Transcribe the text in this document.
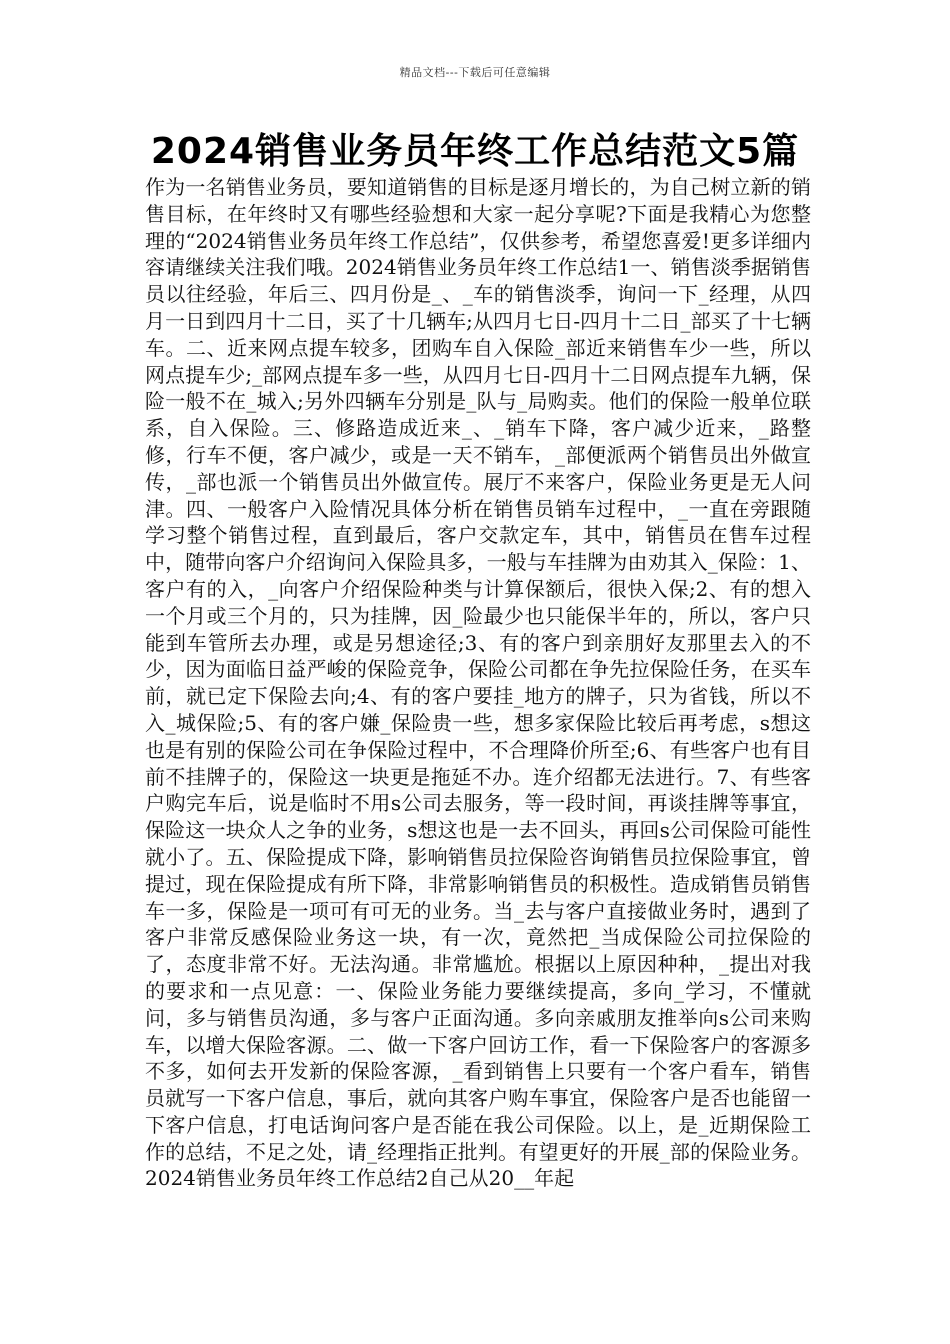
精品文档---下载后可任意编辑
2024销售业务员年终工作总结范文5篇

作为一名销售业务员，要知道销售的目标是逐月增长的，为自己树立新的销售目标，在年终时又有哪些经验想和大家一起分享呢?下面是我精心为您整理的“2024销售业务员年终工作总结”，仅供参考，希望您喜爱!更多详细内容请继续关注我们哦。2024销售业务员年终工作总结1一、销售淡季据销售员以往经验，年后三、四月份是_、_车的销售淡季，询问一下_经理，从四月一日到四月十二日，买了十几辆车;从四月七日-四月十二日_部买了十七辆车。二、近来网点提车较多，团购车自入保险_部近来销售车少一些，所以网点提车少;_部网点提车多一些，从四月七日-四月十二日网点提车九辆，保险一般不在_城入;另外四辆车分别是_队与_局购卖。他们的保险一般单位联系，自入保险。三、修路造成近来_、_销车下降，客户减少近来，_路整修，行车不便，客户减少，或是一天不销车，_部便派两个销售员出外做宣传，_部也派一个销售员出外做宣传。展厅不来客户，保险业务更是无人问津。四、一般客户入险情况具体分析在销售员销车过程中，_一直在旁跟随学习整个销售过程，直到最后，客户交款定车，其中，销售员在售车过程中，随带向客户介绍询问入保险具多，一般与车挂牌为由劝其入_保险：1、客户有的入，_向客户介绍保险种类与计算保额后，很快入保;2、有的想入一个月或三个月的，只为挂牌，因_险最少也只能保半年的，所以，客户只能到车管所去办理，或是另想途径;3、有的客户到亲朋好友那里去入的不少，因为面临日益严峻的保险竞争，保险公司都在争先拉保险任务，在买车前，就已定下保险去向;4、有的客户要挂_地方的牌子，只为省钱，所以不入_城保险;5、有的客户嫌_保险贵一些，想多家保险比较后再考虑，s想这也是有别的保险公司在争保险过程中，不合理降价所至;6、有些客户也有目前不挂牌子的，保险这一块更是拖延不办。连介绍都无法进行。7、有些客户购完车后，说是临时不用s公司去服务，等一段时间，再谈挂牌等事宜，保险这一块众人之争的业务，s想这也是一去不回头，再回s公司保险可能性就小了。五、保险提成下降，影响销售员拉保险咨询销售员拉保险事宜，曾提过，现在保险提成有所下降，非常影响销售员的积极性。造成销售员销售车一多，保险是一项可有可无的业务。当_去与客户直接做业务时，遇到了客户非常反感保险业务这一块，有一次，竟然把_当成保险公司拉保险的了，态度非常不好。无法沟通。非常尴尬。根据以上原因种种，_提出对我的要求和一点见意：一、保险业务能力要继续提高，多向_学习，不懂就问，多与销售员沟通，多与客户正面沟通。多向亲戚朋友推举向s公司来购车，以增大保险客源。二、做一下客户回访工作，看一下保险客户的客源多不多，如何去开发新的保险客源，_看到销售上只要有一个客户看车，销售员就写一下客户信息，事后，就向其客户购车事宜，保险客户是否也能留一下客户信息，打电话询问客户是否能在我公司保险。以上，是_近期保险工作的总结，不足之处，请_经理指正批判。有望更好的开展_部的保险业务。2024销售业务员年终工作总结2自己从20__年起
